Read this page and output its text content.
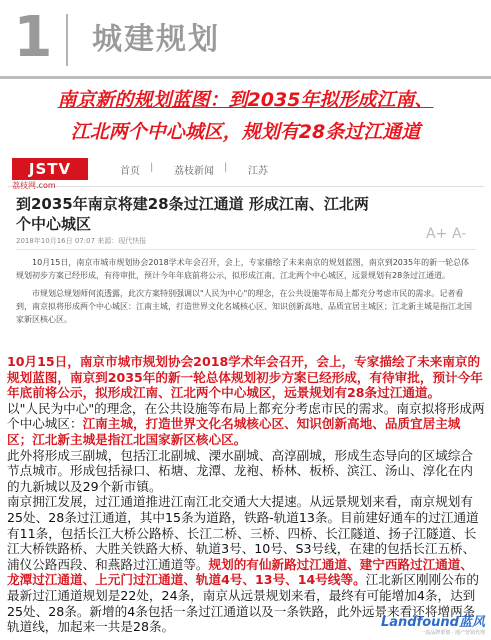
1	城建规划
南京新的规划蓝图：到2035年拟形成江南、
江北两个中心城区，规划有28条过江通道
JSTV
荔枝网.com
首页 | 荔枝新闻 | 江苏
到2035年南京将建28条过江通道 形成江南、江北两
个中心城区
2018年10月16日 07:07 来源：现代快报	A+ A-

10月15日，南京市城市规划协会2018学术年会召开，会上，专家描绘了未来南京的规划蓝图，南京到2035年的新一轮总体规划初步方案已经形成，有待审批，预计今年年底前将公示，拟形成江南、江北两个中心城区，远景规划有28条过江通道。

市规划总规划师何流透露，此次方案特别强调以"人民为中心"的理念，在公共设施等布局上都充分考虑市民的需求。记者看到，南京拟将形成两个中心城区：江南主城，打造世界文化名城核心区、知识创新高地、品质宜居主城区；江北新主城是指江北国家新区核心区。

10月15日，南京市城市规划协会2018学术年会召开，会上，专家描绘了未来南京的规划蓝图，南京到2035年的新一轮总体规划初步方案已经形成，有待审批，预计今年年底前将公示，拟形成江南、江北两个中心城区，远景规划有28条过江通道。

以"人民为中心"的理念，在公共设施等布局上都充分考虑市民的需求。南京拟将形成两个中心城区：江南主城，打造世界文化名城核心区、知识创新高地、品质宜居主城区；江北新主城是指江北国家新区核心区。

此外将形成三副城，包括江北副城、溧水副城、高淳副城，形成生态导向的区域综合节点城市。形成包括禄口、柘塘、龙潭、龙袍、桥林、板桥、滨江、汤山、淳化在内的九新城以及29个新市镇。

南京拥江发展，过江通道推进江南江北交通大大提速。从远景规划来看，南京规划有25处、28条过江通道，其中15条为道路，铁路-轨道13条。目前建好通车的过江通道有11条，包括长江大桥公路桥、长江二桥、三桥、四桥、长江隧道、扬子江隧道、长江大桥铁路桥、大胜关铁路大桥、轨道3号、10号、S3号线，在建的包括长江五桥、浦仪公路西段、和燕路过江通道等。规划的有仙新路过江通道、建宁西路过江通道、龙潭过江通道、上元门过江通道、轨道4号、13号、14号线等。江北新区刚刚公布的最新过江通道规划是22处，24条，南京从远景规划来看，最终有可能增加4条，达到25处、28条。新增的4条包括一条过江通道以及一条铁路，此外远景来看还将增两条轨道线，加起来一共是28条。	Landfound蓝风
一流品牌策划 · 地产营销代理
